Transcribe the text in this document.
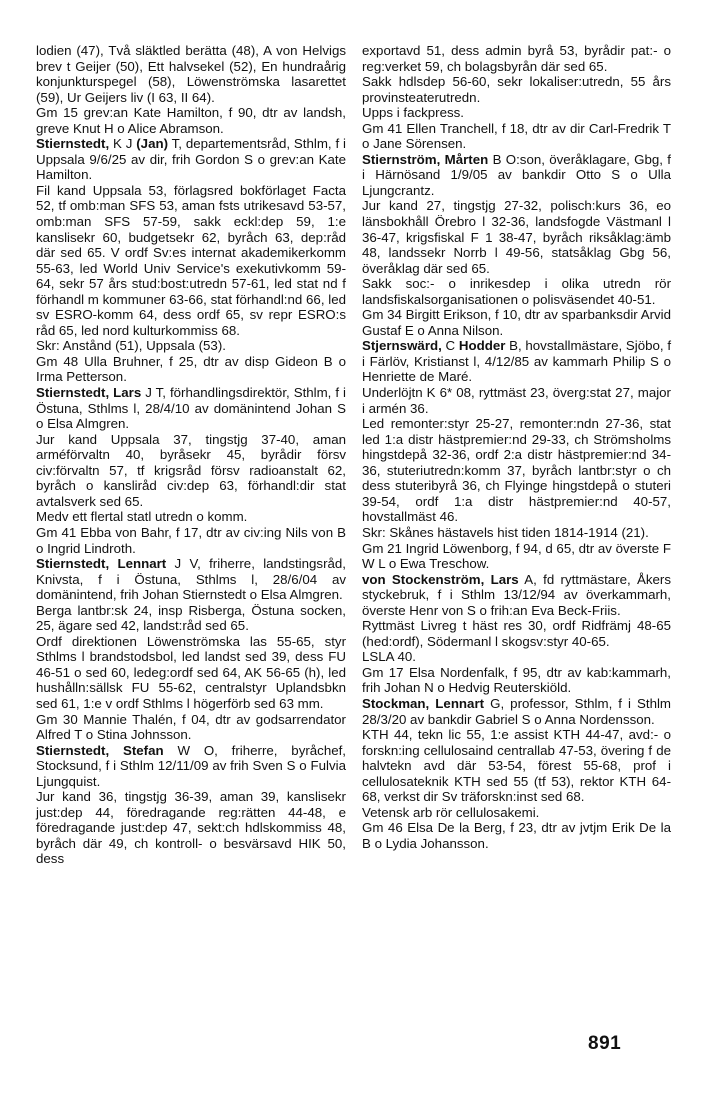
lodien (47), Två släktled berätta (48), A von Helvigs brev t Geijer (50), Ett halvsekel (52), En hundraårig konjunkturspegel (58), Löwenströmska lasarettet (59), Ur Geijers liv (I 63, II 64).

Gm 15 grev:an Kate Hamilton, f 90, dtr av landsh, greve Knut H o Alice Abramson.

Stiernstedt, K J (Jan) T, departementsråd, Sthlm, f i Uppsala 9/6/25 av dir, frih Gordon S o grev:an Kate Hamilton.

Fil kand Uppsala 53, förlagsred bokförlaget Facta 52, tf omb:man SFS 53, aman fsts utrikesavd 53-57, omb:man SFS 57-59, sakk eckl:dep 59, 1:e kanslisekr 60, budgetsekr 62, byråch 63, dep:råd där sed 65. V ordf Sv:es internat akademikerkomm 55-63, led World Univ Service's exekutivkomm 59-64, sekr 57 års stud:bost:utredn 57-61, led stat nd f förhandl m kommuner 63-66, stat förhandl:nd 66, led sv ESRO-komm 64, dess ordf 65, sv repr ESRO:s råd 65, led nord kulturkommiss 68.

Skr: Anstånd (51), Uppsala (53).

Gm 48 Ulla Bruhner, f 25, dtr av disp Gideon B o Irma Petterson.

Stiernstedt, Lars J T, förhandlingsdirektör, Sthlm, f i Östuna, Sthlms l, 28/4/10 av domänintend Johan S o Elsa Almgren.

Jur kand Uppsala 37, tingstjg 37-40, aman arméförvaltn 40, byråsekr 45, byrådir försv civ:förvaltn 57, tf krigsråd försv radioanstalt 62, byråch o kanslіråd civ:dep 63, förhandl:dir stat avtalsverk sed 65.

Medv ett flertal statl utredn o komm.

Gm 41 Ebba von Bahr, f 17, dtr av civ:ing Nils von B o Ingrid Lindroth.

Stiernstedt, Lennart J V, friherre, landstingsråd, Knivsta, f i Östuna, Sthlms l, 28/6/04 av domänintend, frih Johan Stiernstedt o Elsa Almgren.

Berga lantbr:sk 24, insp Risberga, Östuna socken, 25, ägare sed 42, landst:råd sed 65.

Ordf direktionen Löwenströmska las 55-65, styr Sthlms l brandstodsbol, led landst sed 39, dess FU 46-51 o sed 60, ledeg:ordf sed 64, AK 56-65 (h), led hushålln:sällsk FU 55-62, centralstyr Uplandsbkn sed 61, 1:e v ordf Sthlms l högerförb sed 63 mm.

Gm 30 Mannie Thalén, f 04, dtr av godsarrendator Alfred T o Stina Johnsson.

Stiernstedt, Stefan W O, friherre, byråchef, Stocksund, f i Sthlm 12/11/09 av frih Sven S o Fulvia Ljungquist.

Jur kand 36, tingstjg 36-39, aman 39, kanslisekr just:dep 44, föredragande reg:rätten 44-48, e föredragande just:dep 47, sekt:ch hdlskommiss 48, byråch där 49, ch kontroll- o besvärsavd HIK 50, dess

exportavd 51, dess admin byrå 53, byrådir pat:- o reg:verket 59, ch bolagsbyrån där sed 65.

Sakk hdlsdep 56-60, sekr lokaliser:utredn, 55 års provinsteaterutredn.

Upps i fackpress.

Gm 41 Ellen Tranchell, f 18, dtr av dir Carl-Fredrik T o Jane Sörensen.

Stiernström, Mårten B O:son, överåklagare, Gbg, f i Härnösand 1/9/05 av bankdir Otto S o Ulla Ljungcrantz.

Jur kand 27, tingstjg 27-32, polisch:kurs 36, eo länsbokhåll Örebro l 32-36, landsfogde Västmanl l 36-47, krigsfiskal F 1 38-47, byråch riksåklag:ämb 48, landssekr Norrb l 49-56, statsåklag Gbg 56, överåklag där sed 65.

Sakk soc:- o inrikesdep i olika utredn rör landsfiskalsorganisationen o polisväsendet 40-51.

Gm 34 Birgitt Erikson, f 10, dtr av sparbanksdir Arvid Gustaf E o Anna Nilson.

Stjernswärd, C Hodder B, hovstallmästare, Sjöbo, f i Färlöv, Kristianst l, 4/12/85 av kammarh Philip S o Henriette de Maré.

Underlöjtn K 6* 08, ryttmäst 23, överg:stat 27, major i armén 36.

Led remonter:styr 25-27, remonter:ndn 27-36, stat led 1:a distr hästpremier:nd 29-33, ch Strömsholms hingstdepå 32-36, ordf 2:a distr hästpremier:nd 34-36, stuteriutredn:komm 37, byråch lantbr:styr o ch dess stuteribyrå 36, ch Flyinge hingstdepå o stuteri 39-54, ordf 1:a distr hästpremier:nd 40-57, hovstallmäst 46.

Skr: Skånes hästavels hist tiden 1814-1914 (21).

Gm 21 Ingrid Löwenborg, f 94, d 65, dtr av överste F W L o Ewa Treschow.

von Stockenström, Lars A, fd ryttmästare, Åkers styckebruk, f i Sthlm 13/12/94 av överkammarh, överste Henr von S o frih:an Eva Beck-Friis.

Ryttmäst Livreg t häst res 30, ordf Ridfrämj 48-65 (hed:ordf), Södermanl l skogsv:styr 40-65.

LSLA 40.

Gm 17 Elsa Nordenfalk, f 95, dtr av kab:kammarh, frih Johan N o Hedvig Reuterskiöld.

Stockman, Lennart G, professor, Sthlm, f i Sthlm 28/3/20 av bankdir Gabriel S o Anna Nordensson.

KTH 44, tekn lic 55, 1:e assist KTH 44-47, avd:- o forskn:ing cellulosaind centrallab 47-53, övering f de halvtekn avd där 53-54, förest 55-68, prof i cellulosateknik KTH sed 55 (tf 53), rektor KTH 64-68, verkst dir Sv träforskn:inst sed 68.

Vetensk arb rör cellulosakemi.

Gm 46 Elsa De la Berg, f 23, dtr av jvtjm Erik De la B o Lydia Johansson.

891
